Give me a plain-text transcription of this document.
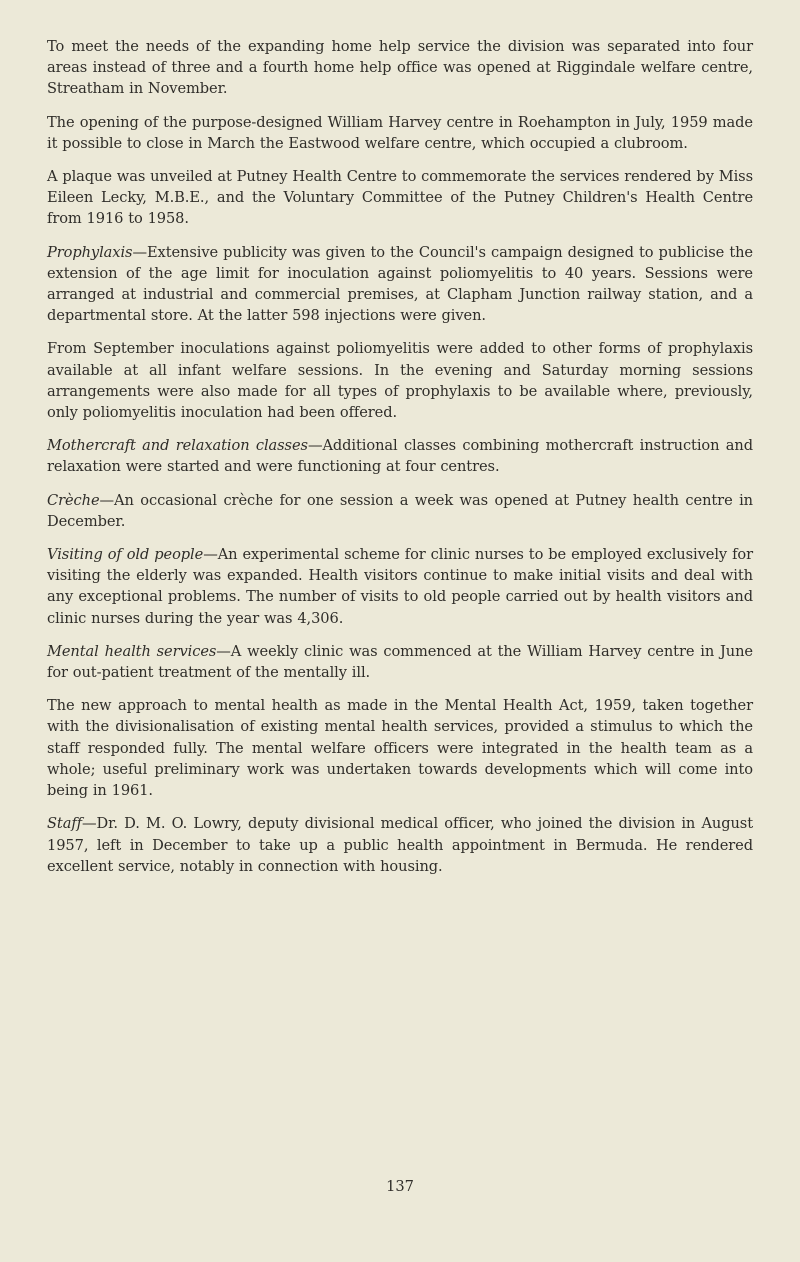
To meet the needs of the expanding home help service the division was separated into four areas instead of three and a fourth home help office was opened at Riggindale welfare centre, Streatham in November.

The opening of the purpose-designed William Harvey centre in Roehampton in July, 1959 made it possible to close in March the Eastwood welfare centre, which occupied a clubroom.

A plaque was unveiled at Putney Health Centre to commemorate the services rendered by Miss Eileen Lecky, M.B.E., and the Voluntary Committee of the Putney Children's Health Centre from 1916 to 1958.

Prophylaxis—Extensive publicity was given to the Council's campaign designed to publicise the extension of the age limit for inoculation against poliomyelitis to 40 years. Sessions were arranged at industrial and commercial premises, at Clapham Junction railway station, and a departmental store. At the latter 598 injections were given.

From September inoculations against poliomyelitis were added to other forms of prophylaxis available at all infant welfare sessions. In the evening and Saturday morning sessions arrangements were also made for all types of prophylaxis to be available where, previously, only poliomyelitis inoculation had been offered.

Mothercraft and relaxation classes—Additional classes combining mothercraft instruction and relaxation were started and were functioning at four centres.

Crèche—An occasional crèche for one session a week was opened at Putney health centre in December.

Visiting of old people—An experimental scheme for clinic nurses to be employed exclusively for visiting the elderly was expanded. Health visitors continue to make initial visits and deal with any exceptional problems. The number of visits to old people carried out by health visitors and clinic nurses during the year was 4,306.

Mental health services—A weekly clinic was commenced at the William Harvey centre in June for out-patient treatment of the mentally ill.

The new approach to mental health as made in the Mental Health Act, 1959, taken together with the divisionalisation of existing mental health services, provided a stimulus to which the staff responded fully. The mental welfare officers were integrated in the health team as a whole; useful preliminary work was undertaken towards developments which will come into being in 1961.

Staff—Dr. D. M. O. Lowry, deputy divisional medical officer, who joined the division in August 1957, left in December to take up a public health appointment in Bermuda. He rendered excellent service, notably in connection with housing.

137
